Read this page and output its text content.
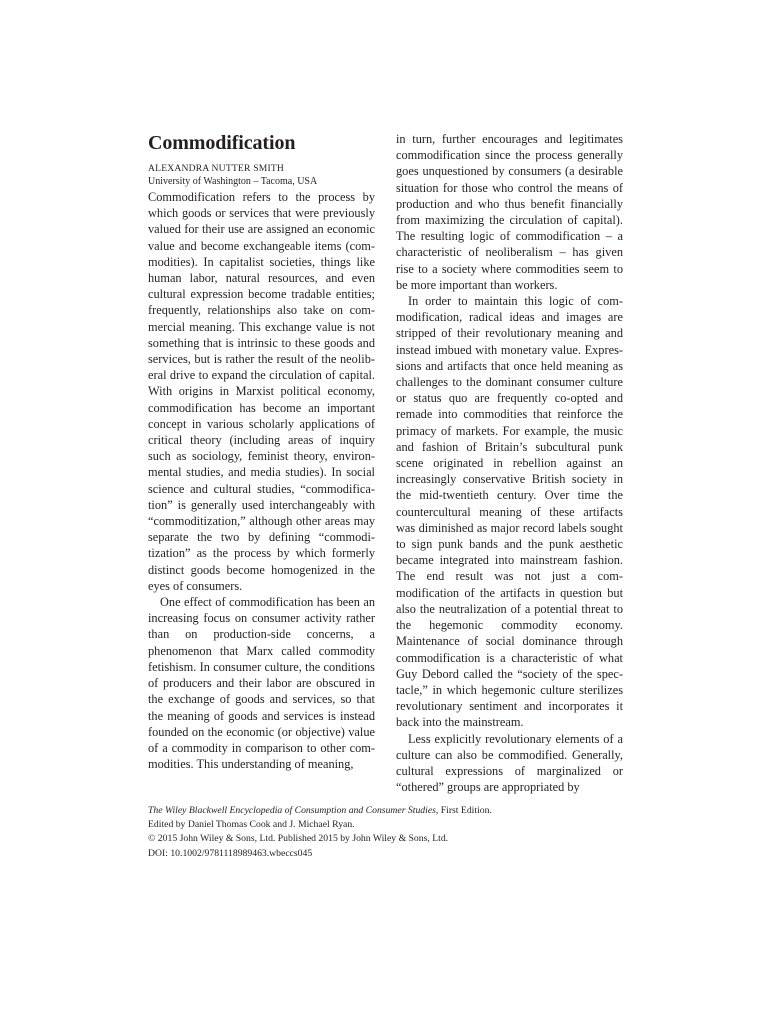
Commodification

ALEXANDRA NUTTER SMITH

University of Washington – Tacoma, USA

Commodification refers to the process by which goods or services that were previously valued for their use are assigned an economic value and become exchangeable items (commodities). In capitalist societies, things like human labor, natural resources, and even cultural expression become tradable entities; frequently, relationships also take on commercial meaning. This exchange value is not something that is intrinsic to these goods and services, but is rather the result of the neoliberal drive to expand the circulation of capital. With origins in Marxist political economy, commodification has become an important concept in various scholarly applications of critical theory (including areas of inquiry such as sociology, feminist theory, environmental studies, and media studies). In social science and cultural studies, “commodification” is generally used interchangeably with “commoditization,” although other areas may separate the two by defining “commoditization” as the process by which formerly distinct goods become homogenized in the eyes of consumers.

One effect of commodification has been an increasing focus on consumer activity rather than on production-side concerns, a phenomenon that Marx called commodity fetishism. In consumer culture, the conditions of producers and their labor are obscured in the exchange of goods and services, so that the meaning of goods and services is instead founded on the economic (or objective) value of a commodity in comparison to other commodities. This understanding of meaning,

in turn, further encourages and legitimates commodification since the process generally goes unquestioned by consumers (a desirable situation for those who control the means of production and who thus benefit financially from maximizing the circulation of capital). The resulting logic of commodification – a characteristic of neoliberalism – has given rise to a society where commodities seem to be more important than workers.

In order to maintain this logic of commodification, radical ideas and images are stripped of their revolutionary meaning and instead imbued with monetary value. Expressions and artifacts that once held meaning as challenges to the dominant consumer culture or status quo are frequently co-opted and remade into commodities that reinforce the primacy of markets. For example, the music and fashion of Britain’s subcultural punk scene originated in rebellion against an increasingly conservative British society in the mid-twentieth century. Over time the countercultural meaning of these artifacts was diminished as major record labels sought to sign punk bands and the punk aesthetic became integrated into mainstream fashion. The end result was not just a commodification of the artifacts in question but also the neutralization of a potential threat to the hegemonic commodity economy. Maintenance of social dominance through commodification is a characteristic of what Guy Debord called the “society of the spectacle,” in which hegemonic culture sterilizes revolutionary sentiment and incorporates it back into the mainstream.

Less explicitly revolutionary elements of a culture can also be commodified. Generally, cultural expressions of marginalized or “othered” groups are appropriated by

The Wiley Blackwell Encyclopedia of Consumption and Consumer Studies, First Edition.
Edited by Daniel Thomas Cook and J. Michael Ryan.
© 2015 John Wiley & Sons, Ltd. Published 2015 by John Wiley & Sons, Ltd.
DOI: 10.1002/9781118989463.wbeccs045
